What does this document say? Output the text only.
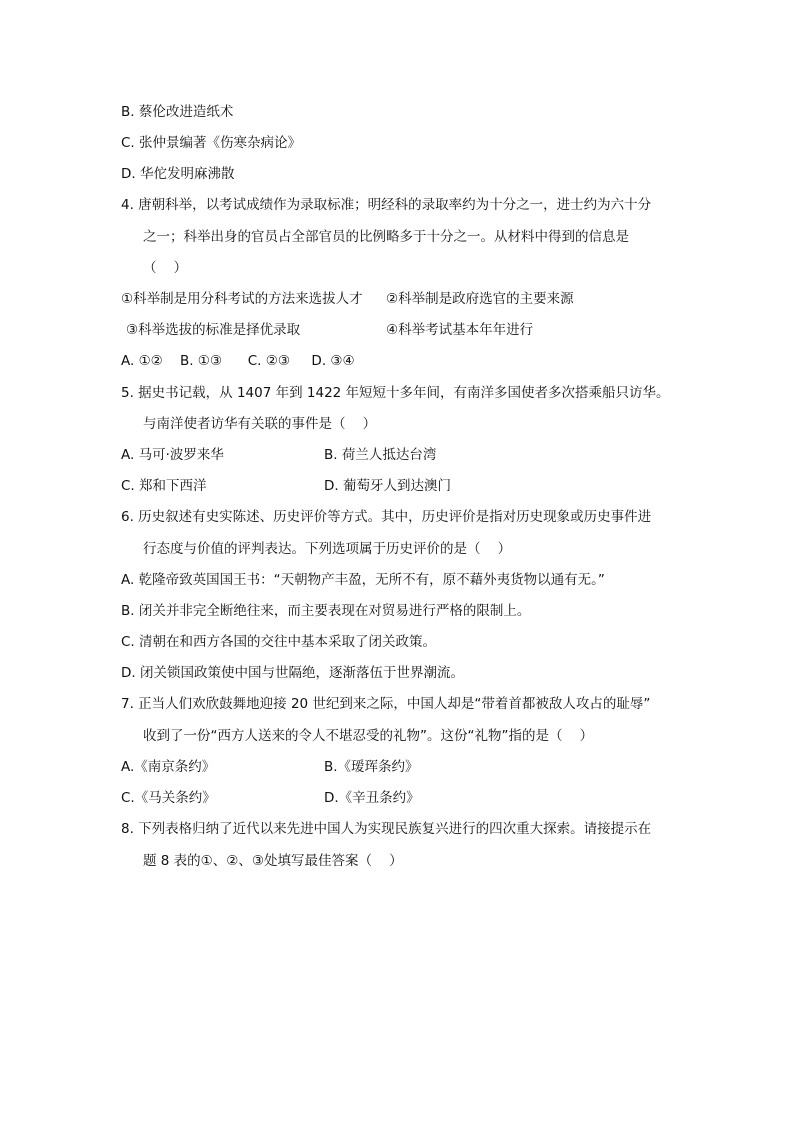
B. 蔡伦改进造纸术
C. 张仲景编著《伤寒杂病论》
D. 华佗发明麻沸散
4. 唐朝科举，以考试成绩作为录取标准；明经科的录取率约为十分之一，进士约为六十分
之一；科举出身的官员占全部官员的比例略多于十分之一。从材料中得到的信息是
（    ）
①科举制是用分科考试的方法来选拔人才 ②科举制是政府选官的主要来源
③科举选拔的标准是择优录取	④科举考试基本年年进行
A. ①②    B. ①③      C. ②③     D. ③④
5. 据史书记载，从 1407 年到 1422 年短短十多年间，有南洋多国使者多次搭乘船只访华。
与南洋使者访华有关联的事件是（    ）
A. 马可·波罗来华	B. 荷兰人抵达台湾
C. 郑和下西洋	D. 葡萄牙人到达澳门
6. 历史叙述有史实陈述、历史评价等方式。其中，历史评价是指对历史现象或历史事件进
行态度与价值的评判表达。下列选项属于历史评价的是（    ）
A. 乾隆帝致英国国王书：“天朝物产丰盈，无所不有，原不藉外夷货物以通有无。”
B. 闭关并非完全断绝往来，而主要表现在对贸易进行严格的限制上。
C. 清朝在和西方各国的交往中基本采取了闭关政策。
D. 闭关锁国政策使中国与世隔绝，逐渐落伍于世界潮流。
7. 正当人们欢欣鼓舞地迎接 20 世纪到来之际，中国人却是“带着首都被敌人攻占的耻辱”
收到了一份“西方人送来的令人不堪忍受的礼物”。这份“礼物”指的是（    ）
A.《南京条约》	B.《瑷珲条约》
C.《马关条约》	D.《辛丑条约》
8. 下列表格归纳了近代以来先进中国人为实现民族复兴进行的四次重大探索。请接提示在
题 8 表的①、②、③处填写最佳答案（    ）
